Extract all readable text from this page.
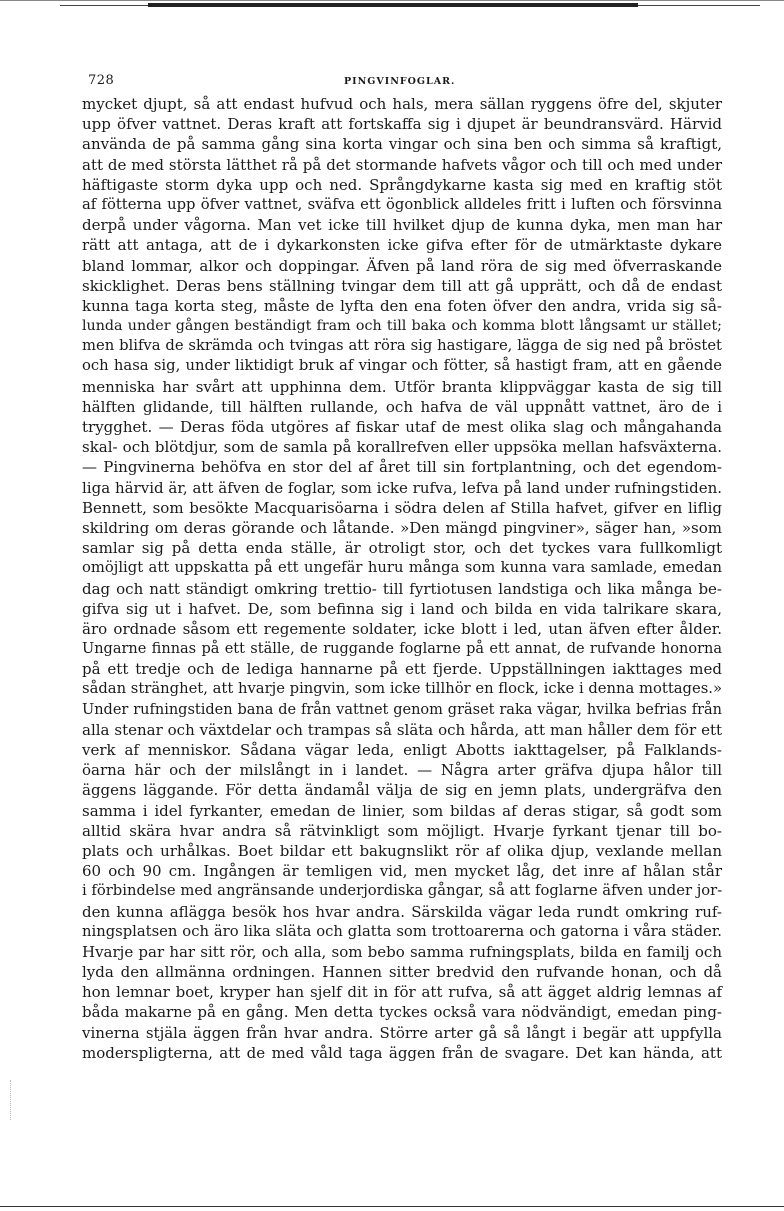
728	PINGVINFOGLAR.
mycket djupt, så att endast hufvud och hals, mera sällan ryggens öfre del, skjuter
upp öfver vattnet. Deras kraft att fortskaffa sig i djupet är beundransvärd. Härvid
använda de på samma gång sina korta vingar och sina ben och simma så kraftigt,
att de med största lätthet rå på det stormande hafvets vågor och till och med under
häftigaste storm dyka upp och ned. Språngdykarne kasta sig med en kraftig stöt
af fötterna upp öfver vattnet, sväfva ett ögonblick alldeles fritt i luften och försvinna
derpå under vågorna. Man vet icke till hvilket djup de kunna dyka, men man har
rätt att antaga, att de i dykarkonsten icke gifva efter för de utmärktaste dykare
bland lommar, alkor och doppingar. Äfven på land röra de sig med öfverraskande
skicklighet. Deras bens ställning tvingar dem till att gå upprätt, och då de endast
kunna taga korta steg, måste de lyfta den ena foten öfver den andra, vrida sig så-
lunda under gången beständigt fram och till baka och komma blott långsamt ur stället;
men blifva de skrämda och tvingas att röra sig hastigare, lägga de sig ned på bröstet
och hasa sig, under liktidigt bruk af vingar och fötter, så hastigt fram, att en gående
menniska har svårt att upphinna dem. Utför branta klippväggar kasta de sig till
hälften glidande, till hälften rullande, och hafva de väl uppnått vattnet, äro de i
trygghet. — Deras föda utgöres af fiskar utaf de mest olika slag och mångahanda
skal- och blötdjur, som de samla på korallrefven eller uppsöka mellan hafsväxterna.
— Pingvinerna behöfva en stor del af året till sin fortplantning, och det egendom-
liga härvid är, att äfven de foglar, som icke rufva, lefva på land under rufningstiden.
Bennett, som besökte Macquarisöarna i södra delen af Stilla hafvet, gifver en liflig
skildring om deras görande och låtande. »Den mängd pingviner», säger han, »som
samlar sig på detta enda ställe, är otroligt stor, och det tyckes vara fullkomligt
omöjligt att uppskatta på ett ungefär huru många som kunna vara samlade, emedan
dag och natt ständigt omkring trettio- till fyrtiotusen landstiga och lika många be-
gifva sig ut i hafvet. De, som befinna sig i land och bilda en vida talrikare skara,
äro ordnade såsom ett regemente soldater, icke blott i led, utan äfven efter ålder.
Ungarne finnas på ett ställe, de ruggande foglarne på ett annat, de rufvande honorna
på ett tredje och de lediga hannarne på ett fjerde. Uppställningen iakttages med
sådan stränghet, att hvarje pingvin, som icke tillhör en flock, icke i denna mottages.»
Under rufningstiden bana de från vattnet genom gräset raka vägar, hvilka befrias från
alla stenar och växtdelar och trampas så släta och hårda, att man håller dem för ett
verk af menniskor. Sådana vägar leda, enligt Abotts iakttagelser, på Falklands-
öarna här och der milslångt in i landet. — Några arter gräfva djupa hålor till
äggens läggande. För detta ändamål välja de sig en jemn plats, undergräfva den
samma i idel fyrkanter, emedan de linier, som bildas af deras stigar, så godt som
alltid skära hvar andra så rätvinkligt som möjligt. Hvarje fyrkant tjenar till bo-
plats och urhålkas. Boet bildar ett bakugnslikt rör af olika djup, vexlande mellan
60 och 90 cm. Ingången är temligen vid, men mycket låg, det inre af hålan står
i förbindelse med angränsande underjordiska gångar, så att foglarne äfven under jor-
den kunna aflägga besök hos hvar andra. Särskilda vägar leda rundt omkring ruf-
ningsplatsen och äro lika släta och glatta som trottoarerna och gatorna i våra städer.
Hvarje par har sitt rör, och alla, som bebo samma rufningsplats, bilda en familj och
lyda den allmänna ordningen. Hannen sitter bredvid den rufvande honan, och då
hon lemnar boet, kryper han sjelf dit in för att rufva, så att ägget aldrig lemnas af
båda makarne på en gång. Men detta tyckes också vara nödvändigt, emedan ping-
vinerna stjäla äggen från hvar andra. Större arter gå så långt i begär att uppfylla
moderspligterna, att de med våld taga äggen från de svagare. Det kan hända, att
